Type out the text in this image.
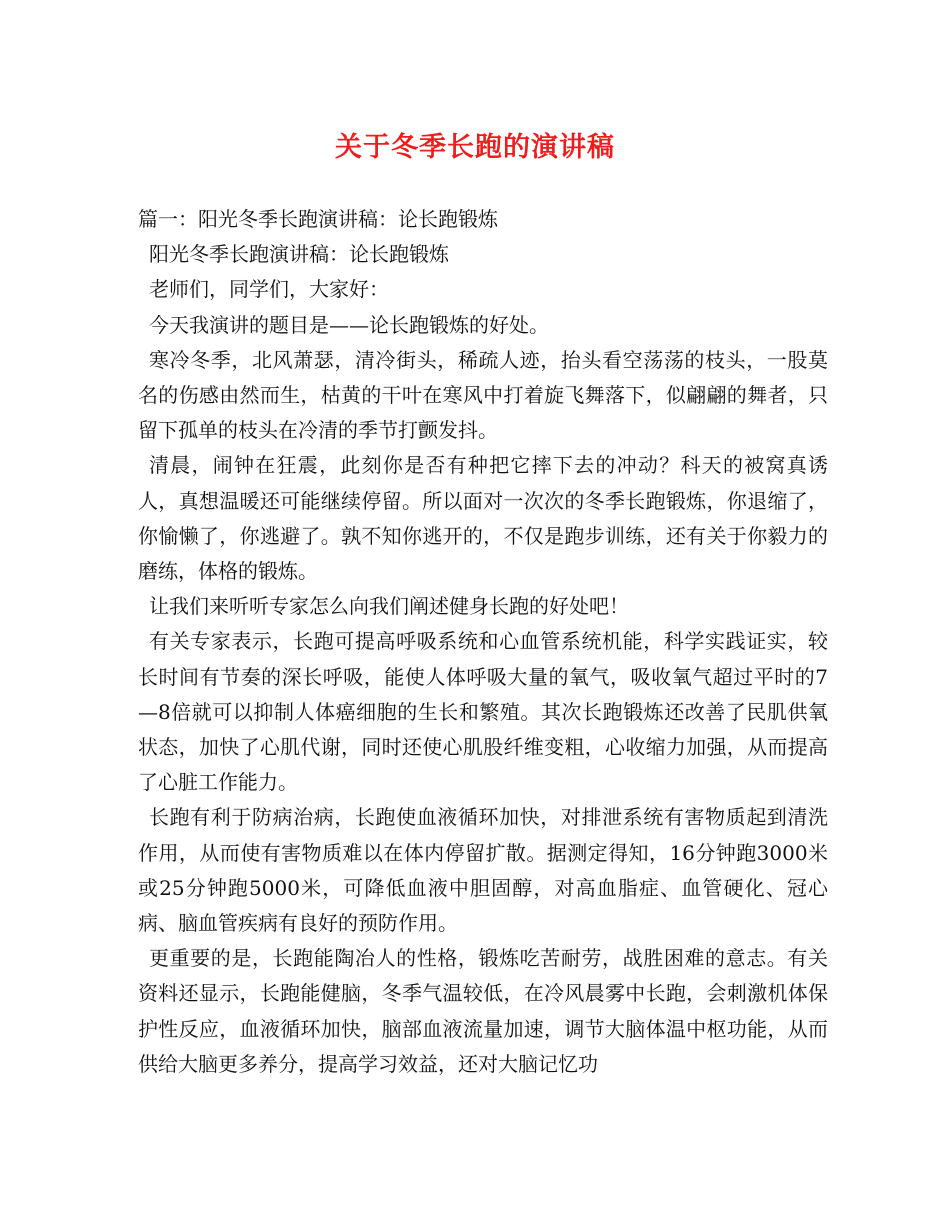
关于冬季长跑的演讲稿

篇一：阳光冬季长跑演讲稿：论长跑锻炼

阳光冬季长跑演讲稿：论长跑锻炼

老师们，同学们，大家好：

今天我演讲的题目是——论长跑锻炼的好处。

寒冷冬季，北风萧瑟，清冷街头，稀疏人迹，抬头看空荡荡的枝头，一股莫名的伤感由然而生，枯黄的干叶在寒风中打着旋飞舞落下，似翩翩的舞者，只留下孤单的枝头在冷清的季节打颤发抖。

清晨，闹钟在狂震，此刻你是否有种把它摔下去的冲动？科天的被窝真诱人，真想温暖还可能继续停留。所以面对一次次的冬季长跑锻炼，你退缩了，你愉懒了，你逃避了。孰不知你逃开的，不仅是跑步训练，还有关于你毅力的磨练，体格的锻炼。

让我们来听听专家怎么向我们阐述健身长跑的好处吧！

有关专家表示，长跑可提高呼吸系统和心血管系统机能，科学实践证实，较长时间有节奏的深长呼吸，能使人体呼吸大量的氧气，吸收氧气超过平时的7—8倍就可以抑制人体癌细胞的生长和繁殖。其次长跑锻炼还改善了民肌供氧状态，加快了心肌代谢，同时还使心肌股纤维变粗，心收缩力加强，从而提高了心脏工作能力。

长跑有利于防病治病，长跑使血液循环加快，对排泄系统有害物质起到清洗作用，从而使有害物质难以在体内停留扩散。据测定得知，16分钟跑3000米或25分钟跑5000米，可降低血液中胆固醇，对高血脂症、血管硬化、冠心病、脑血管疾病有良好的预防作用。

更重要的是，长跑能陶冶人的性格，锻炼吃苦耐劳，战胜困难的意志。有关资料还显示，长跑能健脑，冬季气温较低，在冷风晨雾中长跑，会刺激机体保护性反应，血液循环加快，脑部血液流量加速，调节大脑体温中枢功能，从而供给大脑更多养分，提高学习效益，还对大脑记忆功
